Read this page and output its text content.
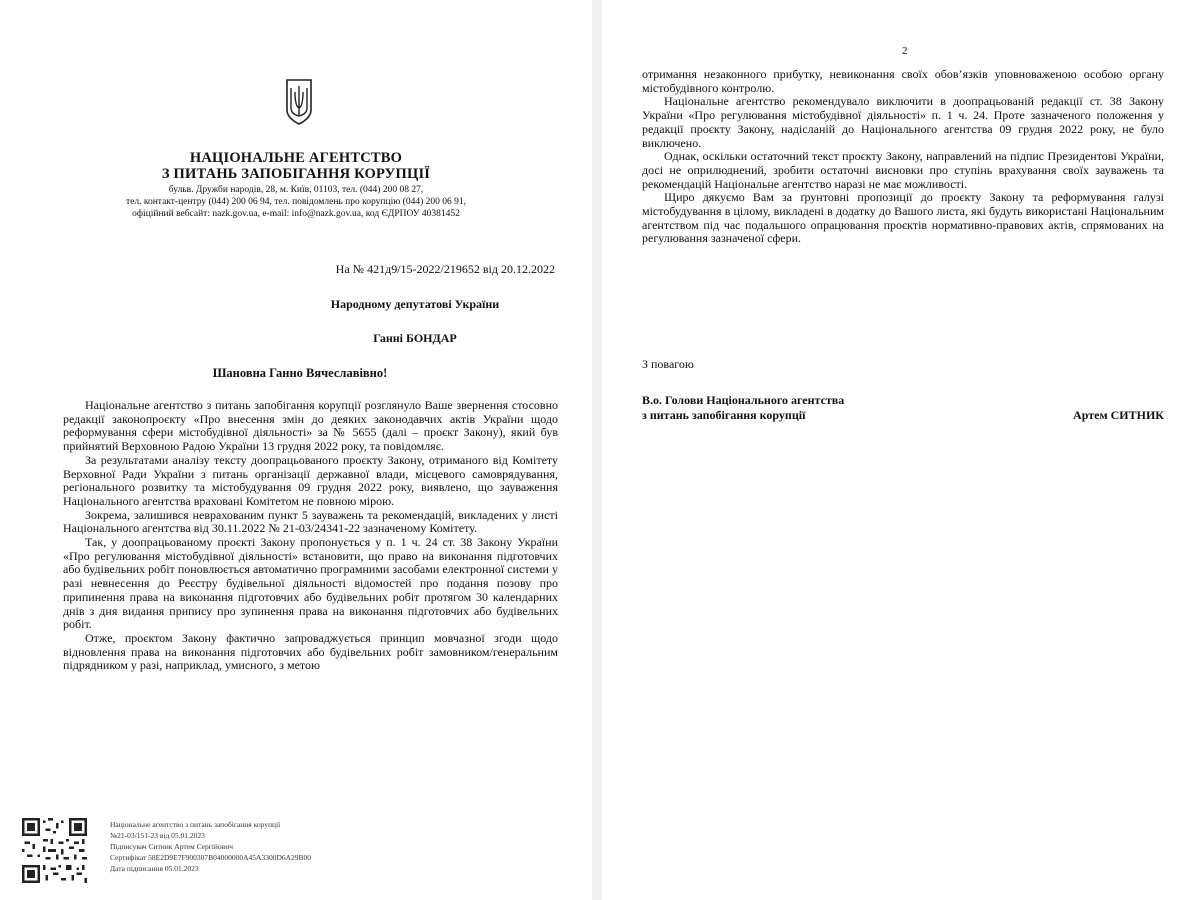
НАЦІОНАЛЬНЕ АГЕНТСТВО
З ПИТАНЬ ЗАПОБІГАННЯ КОРУПЦІЇ
бульв. Дружби народів, 28, м. Київ, 01103, тел. (044) 200 08 27,
тел. контакт-центру (044) 200 06 94, тел. повідомлень про корупцію (044) 200 06 91,
офіційний вебсайт: nazk.gov.ua, e-mail: info@nazk.gov.ua, код ЄДРПОУ 40381452
На № 421д9/15-2022/219652 від 20.12.2022
Народному депутатові України
Ганні БОНДАР
Шановна Ганно Вячеславівно!

Національне агентство з питань запобігання корупції розглянуло Ваше звернення стосовно редакції законопроєкту «Про внесення змін до деяких законодавчих актів України щодо реформування сфери містобудівної діяльності» за № 5655 (далі – проєкт Закону), який був прийнятий Верховною Радою України 13 грудня 2022 року, та повідомляє.

За результатами аналізу тексту доопрацьованого проєкту Закону, отриманого від Комітету Верховної Ради України з питань організації державної влади, місцевого самоврядування, регіонального розвитку та містобудування 09 грудня 2022 року, виявлено, що зауваження Національного агентства враховані Комітетом не повною мірою.

Зокрема, залишився неврахованим пункт 5 зауважень та рекомендацій, викладених у листі Національного агентства від 30.11.2022 № 21-03/24341-22 зазначеному Комітету.

Так, у доопрацьованому проєкті Закону пропонується у п. 1 ч. 24 ст. 38 Закону України «Про регулювання містобудівної діяльності» встановити, що право на виконання підготовчих або будівельних робіт поновлюється автоматично програмними засобами електронної системи у разі невнесення до Реєстру будівельної діяльності відомостей про подання позову про припинення права на виконання підготовчих або будівельних робіт протягом 30 календарних днів з дня видання припису про зупинення права на виконання підготовчих або будівельних робіт.

Отже, проєктом Закону фактично запроваджується принцип мовчазної згоди щодо відновлення права на виконання підготовчих або будівельних робіт замовником/генеральним підрядником у разі, наприклад, умисного, з метою

Національне агентство з питань запобігання корупції
№21-03/151-23 від 05.01.2023
Підписувач Ситник Артем Сергійович
Сертифікат 58E2D9E7F900307B04000000A45A3300D6A29B00
Дата підписання 05.01.2023
2

отримання незаконного прибутку, невиконання своїх обов’язків уповноваженою особою органу містобудівного контролю.

Національне агентство рекомендувало виключити в доопрацьованій редакції ст. 38 Закону України «Про регулювання містобудівної діяльності» п. 1 ч. 24. Проте зазначеного положення у редакції проєкту Закону, надісланій до Національного агентства 09 грудня 2022 року, не було виключено.

Однак, оскільки остаточний текст проєкту Закону, направлений на підпис Президентові України, досі не оприлюднений, зробити остаточні висновки про ступінь врахування своїх зауважень та рекомендацій Національне агентство наразі не має можливості.

Щиро дякуємо Вам за ґрунтовні пропозиції до проєкту Закону та реформування галузі містобудування в цілому, викладені в додатку до Вашого листа, які будуть використані Національним агентством під час подальшого опрацювання проєктів нормативно-правових актів, спрямованих на регулювання зазначеної сфери.

З повагою
В.о. Голови Національного агентства
з питань запобігання корупції	Артем СИТНИК
